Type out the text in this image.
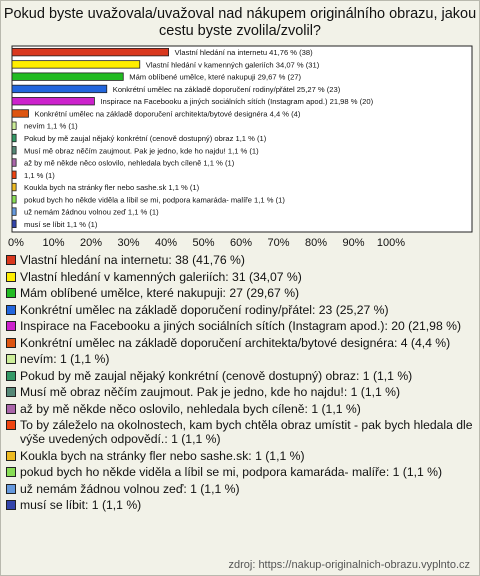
Pokud byste uvažovala/uvažoval nad nákupem originálního obrazu, jakou cestu byste zvolila/zvolil?
0% 10% 20% 30% 40% 50% 60% 70% 80% 90% 100%
Vlastní hledání na internetu 41,76 % (38)
Vlastní hledání v kamenných galeriích 34,07 % (31)
Mám oblíbené umělce, které nakupuji 29,67 % (27)
Konkrétní umělec na základě doporučení rodiny/přátel 25,27 % (23)
Inspirace na Facebooku a jiných sociálních sítích (Instagram apod.) 21,98 % (20)
Konkrétní umělec na základě doporučení architekta/bytové designéra 4,4 % (4)
nevím 1,1 % (1)
Pokud by mě zaujal nějaký konkrétní (cenově dostupný) obraz 1,1 % (1)
Musí mě obraz něčím zaujmout. Pak je jedno, kde ho najdu! 1,1 % (1)
až by mě někde něco oslovilo, nehledala bych cíleně 1,1 % (1)
1,1 % (1)
Koukla bych na stránky fler nebo sashe.sk 1,1 % (1)
pokud bych ho někde viděla a líbil se mi, podpora kamaráda- malíře 1,1 % (1)
už nemám žádnou volnou zeď 1,1 % (1)
musí se líbit 1,1 % (1)
Vlastní hledání na internetu: 38 (41,76 %)
Vlastní hledání v kamenných galeriích: 31 (34,07 %)
Mám oblíbené umělce, které nakupuji: 27 (29,67 %)
Konkrétní umělec na základě doporučení rodiny/přátel: 23 (25,27 %)
Inspirace na Facebooku a jiných sociálních sítích (Instagram apod.): 20 (21,98 %)
Konkrétní umělec na základě doporučení architekta/bytové designéra: 4 (4,4 %)
nevím: 1 (1,1 %)
Pokud by mě zaujal nějaký konkrétní (cenově dostupný) obraz: 1 (1,1 %)
Musí mě obraz něčím zaujmout. Pak je jedno, kde ho najdu!: 1 (1,1 %)
až by mě někde něco oslovilo, nehledala bych cíleně: 1 (1,1 %)
To by záleželo na okolnostech, kam bych chtěla obraz umístit - pak bych hledala dle výše uvedených odpovědí.: 1 (1,1 %)
Koukla bych na stránky fler nebo sashe.sk: 1 (1,1 %)
pokud bych ho někde viděla a líbil se mi, podpora kamaráda- malíře: 1 (1,1 %)
už nemám žádnou volnou zeď: 1 (1,1 %)
musí se líbit: 1 (1,1 %)
zdroj: https://nakup-originalnich-obrazu.vyplnto.cz
